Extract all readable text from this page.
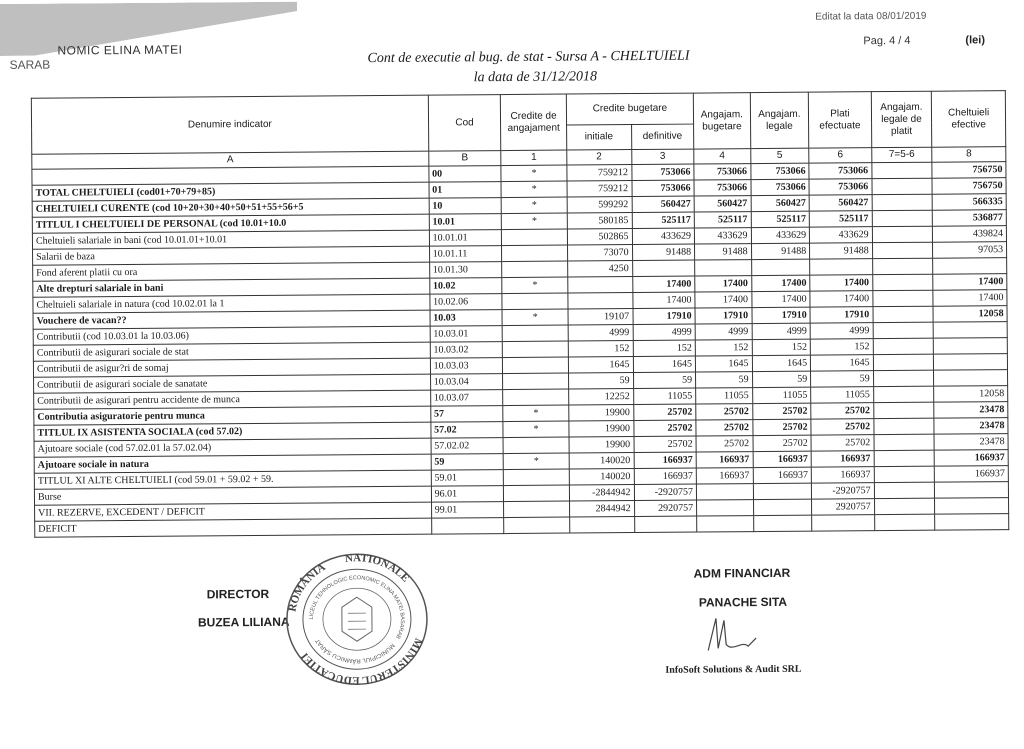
NOMIC ELINA MATEI
SARAB
Editat la data 08/01/2019
Pag. 4 / 4	(lei)
Cont de executie al bug. de stat - Sursa A - CHELTUIELI
la data de 31/12/2018
Denumire indicator	Cod	Credite de angajament	Credite bugetare		Angajam. bugetare	Angajam. legale	Plati efectuate	Angajam. legale de platit	Cheltuieli efective
			initiale	definitive					
A	B	1	2	3	4	5	6	7=5-6	8
	00	*	759212	753066	753066	753066	753066		756750
TOTAL CHELTUIELI (cod01+70+79+85)	01	*	759212	753066	753066	753066	753066		756750
CHELTUIELI CURENTE (cod 10+20+30+40+50+51+55+56+5	10	*	599292	560427	560427	560427	560427		566335
TITLUL I CHELTUIELI DE PERSONAL (cod 10.01+10.0	10.01	*	580185	525117	525117	525117	525117		536877
Cheltuieli salariale in bani (cod 10.01.01+10.01	10.01.01		502865	433629	433629	433629	433629		439824
Salarii de baza	10.01.11		73070	91488	91488	91488	91488		97053
Fond aferent platii cu ora	10.01.30		4250						
Alte drepturi salariale in bani	10.02	*		17400	17400	17400	17400		17400
Cheltuieli salariale in natura (cod 10.02.01 la 1	10.02.06			17400	17400	17400	17400		17400
Vouchere de vacan??	10.03	*	19107	17910	17910	17910	17910		12058
Contributii (cod 10.03.01 la 10.03.06)	10.03.01		4999	4999	4999	4999	4999		
Contributii de asigurari sociale de stat	10.03.02		152	152	152	152	152		
Contributii de asigur?ri de somaj	10.03.03		1645	1645	1645	1645	1645		
Contributii de asigurari sociale de sanatate	10.03.04		59	59	59	59	59		
Contributii de asigurari pentru accidente de munca	10.03.07		12252	11055	11055	11055	11055		12058
Contributia asiguratorie pentru munca	57	*	19900	25702	25702	25702	25702		23478
TITLUL IX ASISTENTA SOCIALA (cod 57.02)	57.02	*	19900	25702	25702	25702	25702		23478
Ajutoare sociale (cod 57.02.01 la 57.02.04)	57.02.02		19900	25702	25702	25702	25702		23478
Ajutoare sociale in natura	59	*	140020	166937	166937	166937	166937		166937
TITLUL XI ALTE CHELTUIELI (cod 59.01 + 59.02 + 59.	59.01		140020	166937	166937	166937	166937		166937
Burse	96.01		-2844942	-2920757			-2920757		
VII. REZERVE, EXCEDENT / DEFICIT	99.01		2844942	2920757			2920757		
DEFICIT									
DIRECTOR
BUZEA LILIANA
ADM FINANCIAR
PANACHE SITA
ROMÂNIA
NATIONALE
MINISTERUL EDUCATIEI
LICEUL TEHNOLOGIC ECONOMIC ELINA MATEI BASARAB
MUNICIPIUL RÂMNICU SĂRAT
InfoSoft Solutions & Audit SRL
